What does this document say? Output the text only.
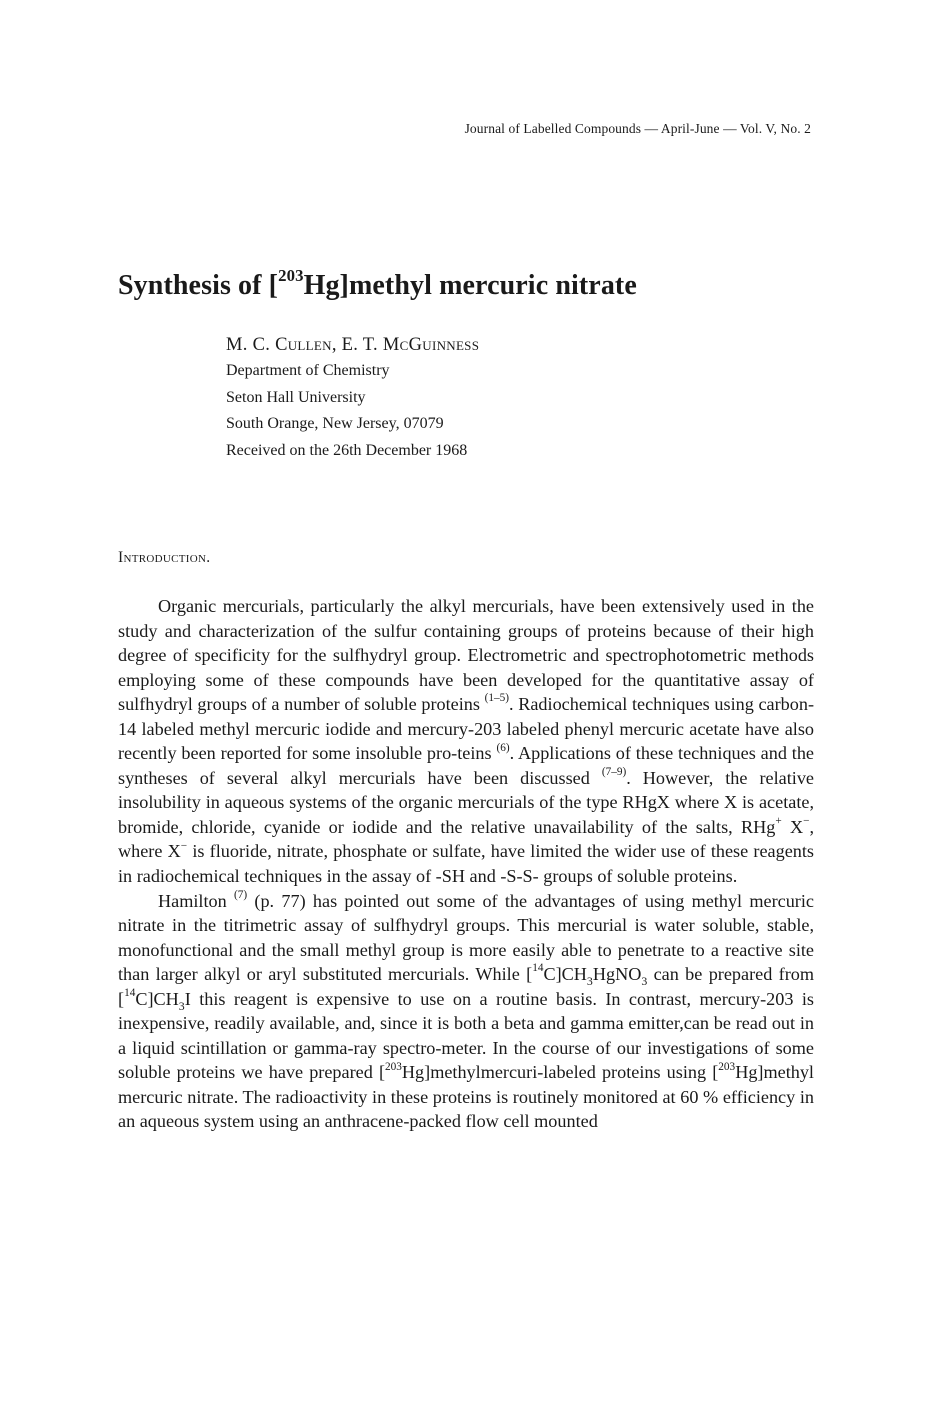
Journal of Labelled Compounds — April-June — Vol. V, No. 2
Synthesis of [$^{203}$Hg]methyl mercuric nitrate
M. C. Cullen, E. T. McGuinness
Department of Chemistry
Seton Hall University
South Orange, New Jersey, 07079
Received on the 26th December 1968
Introduction.

Organic mercurials, particularly the alkyl mercurials, have been extensively used in the study and characterization of the sulfur containing groups of proteins because of their high degree of specificity for the sulfhydryl group. Electrometric and spectrophotometric methods employing some of these compounds have been developed for the quantitative assay of sulfhydryl groups of a number of soluble proteins $^{(1-5)}$. Radiochemical techniques using carbon-14 labeled methyl mercuric iodide and mercury-203 labeled phenyl mercuric acetate have also recently been reported for some insoluble pro-teins $^{(6)}$. Applications of these techniques and the syntheses of several alkyl mercurials have been discussed $^{(7-9)}$. However, the relative insolubility in aqueous systems of the organic mercurials of the type RHgX where X is acetate, bromide, chloride, cyanide or iodide and the relative unavailability of the salts, RHg+ X−, where X− is fluoride, nitrate, phosphate or sulfate, have limited the wider use of these reagents in radiochemical techniques in the assay of -SH and -S-S- groups of soluble proteins.

Hamilton $^{(7)}$ (p. 77) has pointed out some of the advantages of using methyl mercuric nitrate in the titrimetric assay of sulfhydryl groups. This mercurial is water soluble, stable, monofunctional and the small methyl group is more easily able to penetrate to a reactive site than larger alkyl or aryl substituted mercurials. While $[^{14}C]CH_3HgNO_3$ can be prepared from $[^{14}C]CH_3I$ this reagent is expensive to use on a routine basis. In contrast, mercury-203 is inexpensive, readily available, and, since it is both a beta and gamma emitter,can be read out in a liquid scintillation or gamma-ray spectro-meter. In the course of our investigations of some soluble proteins we have prepared [$^{203}$Hg]methylmercuri-labeled proteins using [$^{203}$Hg]methyl mercuric nitrate. The radioactivity in these proteins is routinely monitored at 60 % efficiency in an aqueous system using an anthracene-packed flow cell mounted
